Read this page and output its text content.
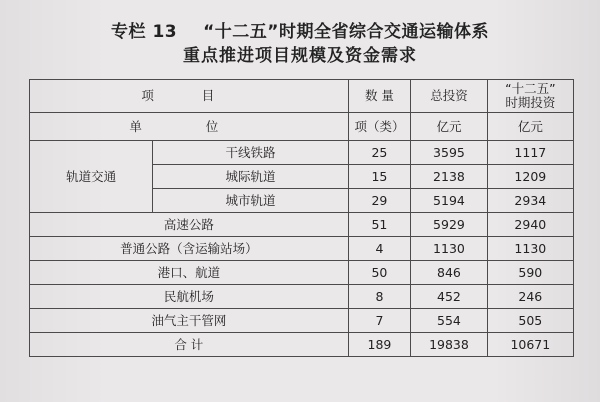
专栏 13 “十二五”时期全省综合交通运输体系
重点推进项目规模及资金需求
项 目		数 量	总投资	“十二五”
时期投资

单 位		项（类）	亿元	亿元
轨道交通	干线铁路	25	3595	1117
	城际轨道	15	2138	1209
	城市轨道	29	5194	2934
高速公路		51	5929	2940
普通公路（含运输站场）		4	1130	1130
港口、航道		50	846	590
民航机场		8	452	246
油气主干管网		7	554	505
合 计		189	19838	10671
